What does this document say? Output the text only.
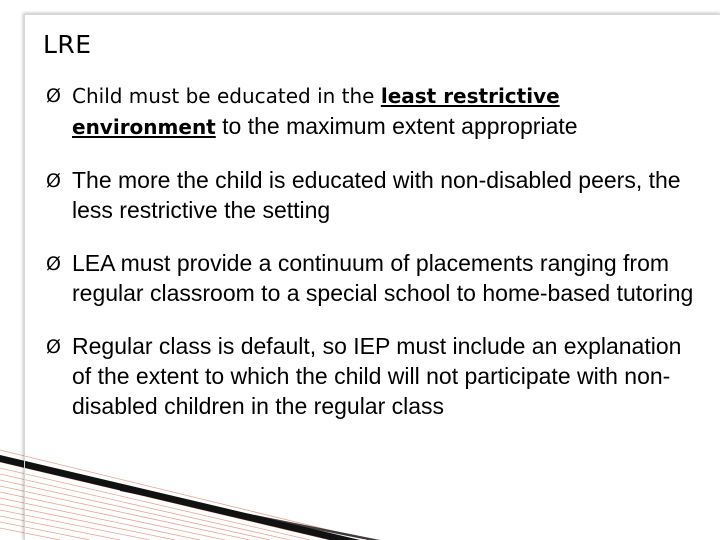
LRE
Ø Child must be educated in the least restrictive
environment to the maximum extent appropriate
Ø The more the child is educated with non-disabled peers, the less restrictive the setting
Ø LEA must provide a continuum of placements ranging from regular classroom to a special school to home-based tutoring
Ø Regular class is default, so IEP must include an explanation of the extent to which the child will not participate with non-disabled children in the regular class
